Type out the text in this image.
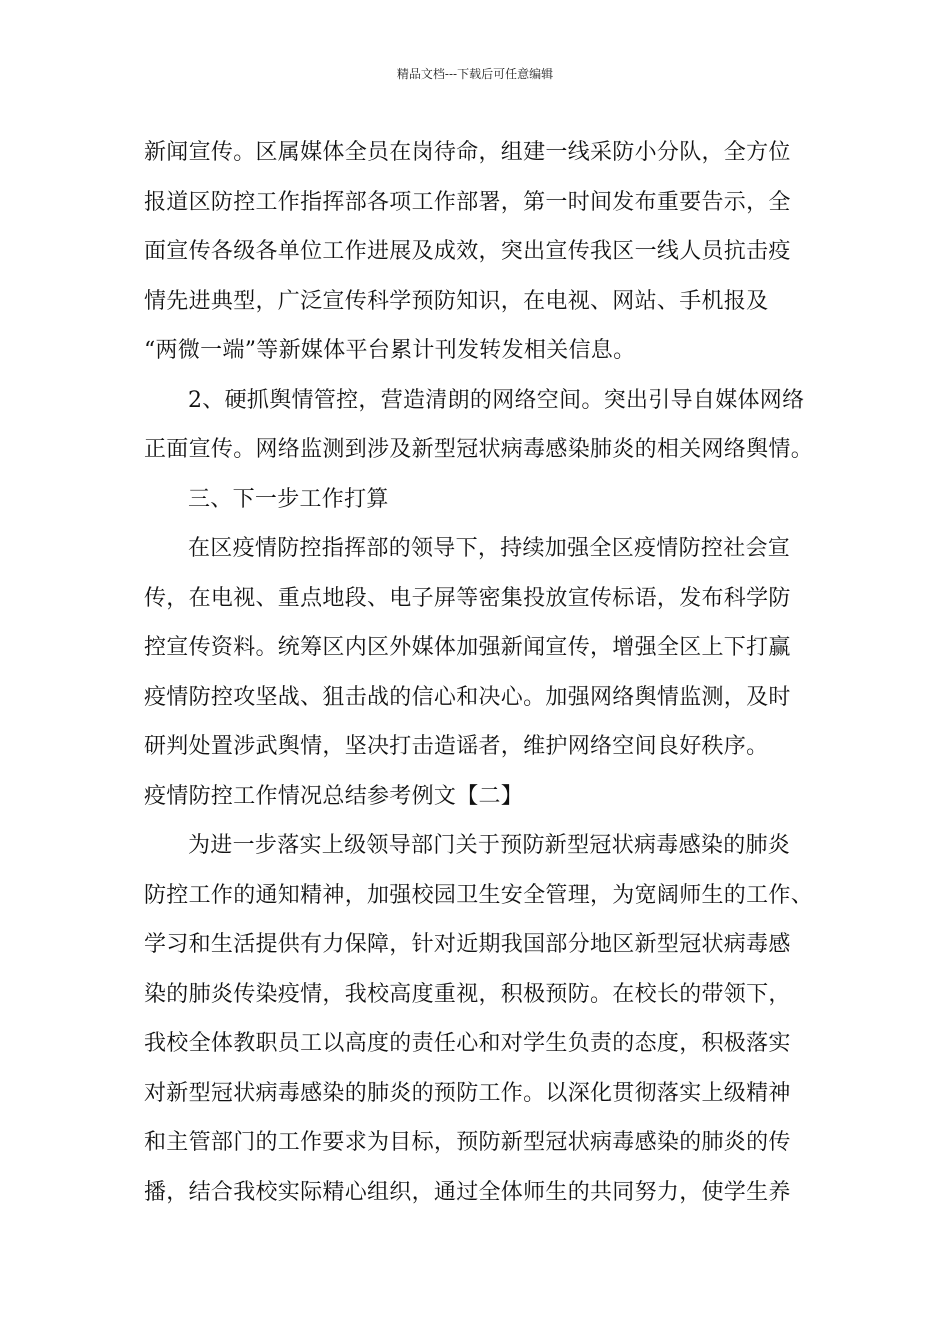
精品文档---下载后可任意编辑
新闻宣传。区属媒体全员在岗待命，组建一线采防小分队，全方位
报道区防控工作指挥部各项工作部署，第一时间发布重要告示，全
面宣传各级各单位工作进展及成效，突出宣传我区一线人员抗击疫
情先进典型，广泛宣传科学预防知识，在电视、网站、手机报及
“两微一端”等新媒体平台累计刊发转发相关信息。
2、硬抓舆情管控，营造清朗的网络空间。突出引导自媒体网络
正面宣传。网络监测到涉及新型冠状病毒感染肺炎的相关网络舆情。
三、下一步工作打算
在区疫情防控指挥部的领导下，持续加强全区疫情防控社会宣
传，在电视、重点地段、电子屏等密集投放宣传标语，发布科学防
控宣传资料。统筹区内区外媒体加强新闻宣传，增强全区上下打赢
疫情防控攻坚战、狙击战的信心和决心。加强网络舆情监测，及时
研判处置涉武舆情，坚决打击造谣者，维护网络空间良好秩序。
疫情防控工作情况总结参考例文【二】
为进一步落实上级领导部门关于预防新型冠状病毒感染的肺炎
防控工作的通知精神，加强校园卫生安全管理，为宽阔师生的工作、
学习和生活提供有力保障，针对近期我国部分地区新型冠状病毒感
染的肺炎传染疫情，我校高度重视，积极预防。在校长的带领下，
我校全体教职员工以高度的责任心和对学生负责的态度，积极落实
对新型冠状病毒感染的肺炎的预防工作。以深化贯彻落实上级精神
和主管部门的工作要求为目标，预防新型冠状病毒感染的肺炎的传
播，结合我校实际精心组织，通过全体师生的共同努力，使学生养
